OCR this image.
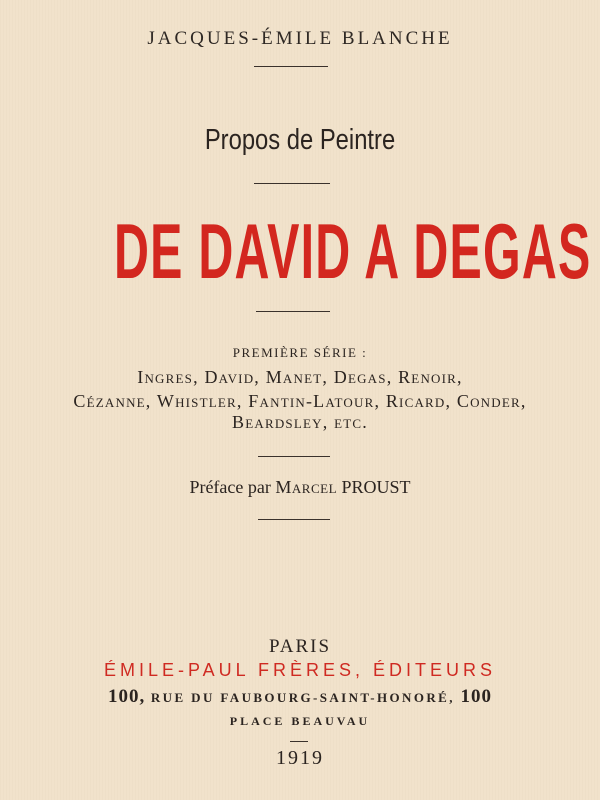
JACQUES-ÉMILE BLANCHE
Propos de Peintre
DE DAVID A DEGAS
PREMIÈRE SÉRIE :
Ingres, David, Manet, Degas, Renoir,
Cézanne, Whistler, Fantin-Latour, Ricard, Conder,
Beardsley, etc.
Préface par Marcel PROUST
PARIS
ÉMILE-PAUL FRÈRES, ÉDITEURS
100, RUE DU FAUBOURG-SAINT-HONORÉ, 100
PLACE BEAUVAU
1919
